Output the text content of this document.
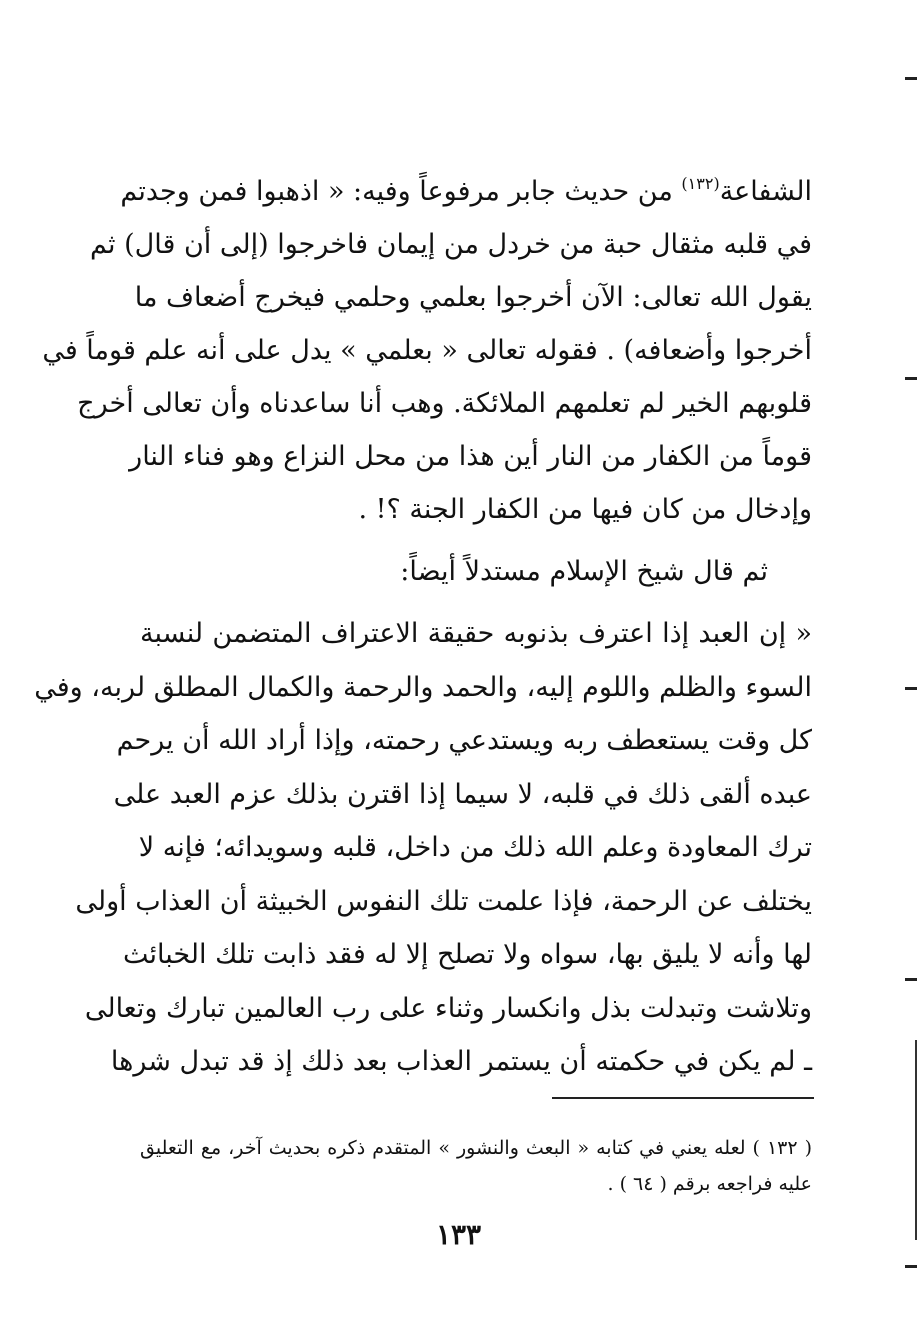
الشفاعة$^{(١٣٢)}$ من حديث جابر مرفوعاً وفيه: « اذهبوا فمن وجدتم
في قلبه مثقال حبة من خردل من إيمان فاخرجوا (إلى أن قال) ثم
يقول الله تعالى: الآن أخرجوا بعلمي وحلمي فيخرج أضعاف ما
أخرجوا وأضعافه) . فقوله تعالى « بعلمي » يدل على أنه علم قوماً في
قلوبهم الخير لم تعلمهم الملائكة. وهب أنا ساعدناه وأن تعالى أخرج
قوماً من الكفار من النار أين هذا من محل النزاع وهو فناء النار
وإدخال من كان فيها من الكفار الجنة ؟! .
ثم قال شيخ الإسلام مستدلاً أيضاً:
« إن العبد إذا اعترف بذنوبه حقيقة الاعتراف المتضمن لنسبة
السوء والظلم واللوم إليه، والحمد والرحمة والكمال المطلق لربه، وفي
كل وقت يستعطف ربه ويستدعي رحمته، وإذا أراد الله أن يرحم
عبده ألقى ذلك في قلبه، لا سيما إذا اقترن بذلك عزم العبد على
ترك المعاودة وعلم الله ذلك من داخل، قلبه وسويدائه؛ فإنه لا
يختلف عن الرحمة، فإذا علمت تلك النفوس الخبيثة أن العذاب أولى
لها وأنه لا يليق بها، سواه ولا تصلح إلا له فقد ذابت تلك الخبائث
وتلاشت وتبدلت بذل وانكسار وثناء على رب العالمين تبارك وتعالى
ـ لم يكن في حكمته أن يستمر العذاب بعد ذلك إذ قد تبدل شرها
( ١٣٢ ) لعله يعني في كتابه « البعث والنشور » المتقدم ذكره بحديث آخر، مع التعليق
عليه فراجعه برقم ( ٦٤ ) .
١٣٣
